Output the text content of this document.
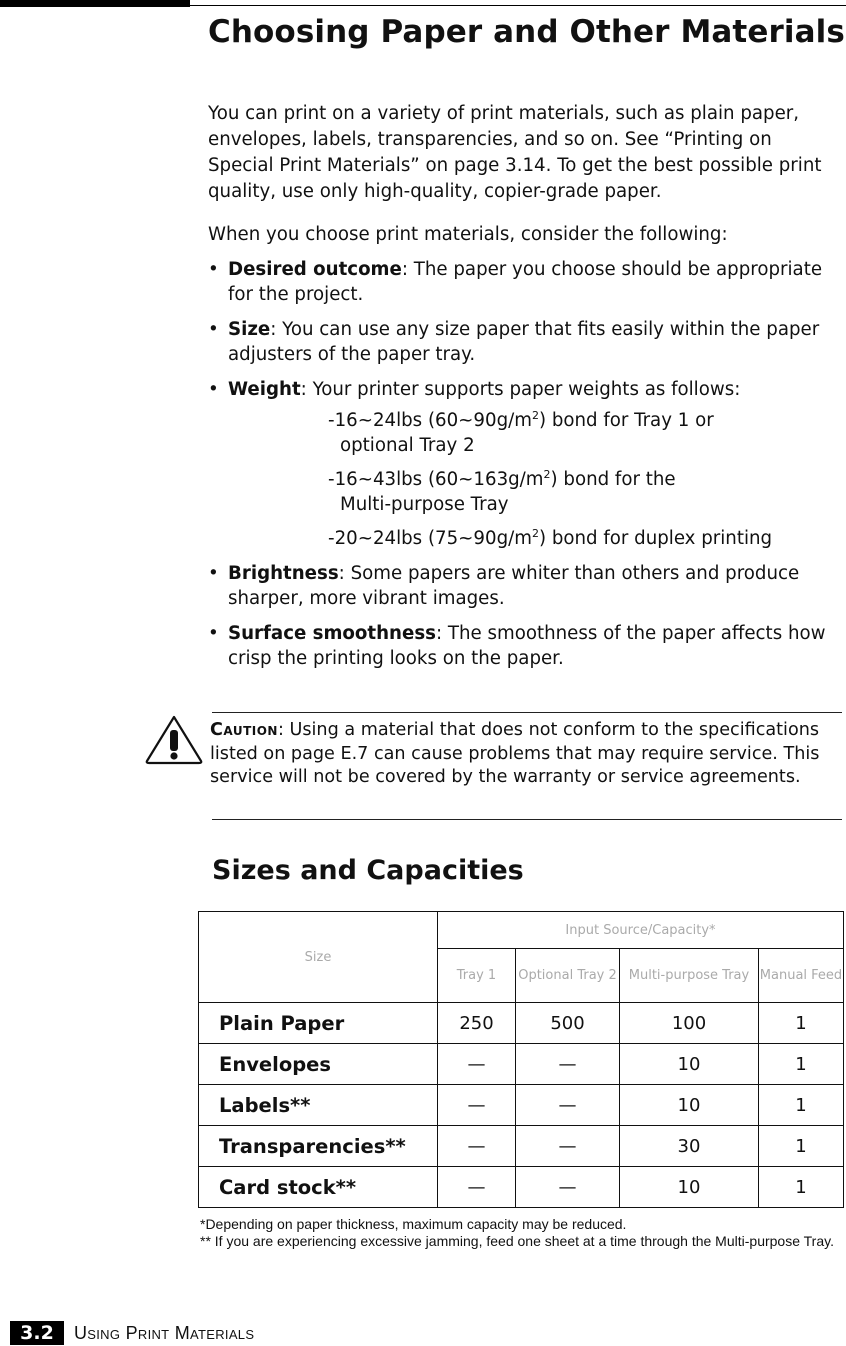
Choosing Paper and Other Materials

You can print on a variety of print materials, such as plain paper, envelopes, labels, transparencies, and so on. See “Printing on Special Print Materials” on page 3.14. To get the best possible print quality, use only high-quality, copier-grade paper.

When you choose print materials, consider the following:

• Desired outcome: The paper you choose should be appropriate for the project.
• Size: You can use any size paper that fits easily within the paper adjusters of the paper tray.
• Weight: Your printer supports paper weights as follows:
-16~24lbs $(60\sim 90g/m^2)$ bond for Tray 1 or
optional Tray 2
-16~43lbs $(60\sim 163g/m^2)$ bond for the
Multi-purpose Tray
-20~24lbs $(75\sim 90g/m^2)$ bond for duplex printing
• Brightness: Some papers are whiter than others and produce sharper, more vibrant images.
• Surface smoothness: The smoothness of the paper affects how crisp the printing looks on the paper.

Caution: Using a material that does not conform to the specifications listed on page E.7 can cause problems that may require service. This service will not be covered by the warranty or service agreements.

Sizes and Capacities
Size	Input Source/Capacity*			
	Tray 1	Optional Tray 2	Multi-purpose Tray	Manual Feed
Plain Paper	250	500	100	1
Envelopes	—	—	10	1
Labels**	—	—	10	1
Transparencies**	—	—	30	1
Card stock**	—	—	10	1
*Depending on paper thickness, maximum capacity may be reduced.
** If you are experiencing excessive jamming, feed one sheet at a time through the Multi-purpose Tray.
3.2	Using Print Materials
